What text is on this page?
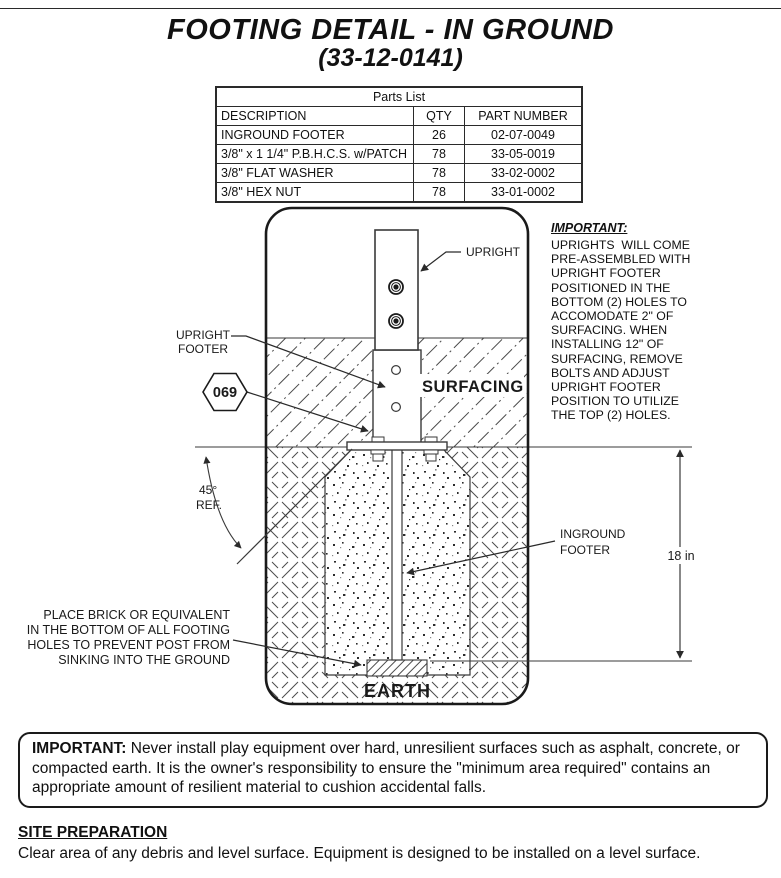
FOOTING DETAIL - IN GROUND
(33-12-0141)
Parts List		
DESCRIPTION	QTY	PART NUMBER
INGROUND FOOTER	26	02-07-0049
3/8" x 1 1/4" P.B.H.C.S. w/PATCH	78	33-05-0019
3/8" FLAT WASHER	78	33-02-0002
3/8" HEX NUT	78	33-01-0002
18 in
069	SURFACING
EARTH
UPRIGHT
UPRIGHT
FOOTER
45°
REF.
INGROUND
FOOTER
PLACE BRICK OR EQUIVALENT
IN THE BOTTOM OF ALL FOOTING
HOLES TO PREVENT POST FROM
SINKING INTO THE GROUND
IMPORTANT:
UPRIGHTS  WILL COME
PRE-ASSEMBLED WITH
UPRIGHT FOOTER
POSITIONED IN THE
BOTTOM (2) HOLES TO
ACCOMODATE 2" OF
SURFACING. WHEN
INSTALLING 12" OF
SURFACING, REMOVE
BOLTS AND ADJUST
UPRIGHT FOOTER
POSITION TO UTILIZE
THE TOP (2) HOLES.
IMPORTANT: Never install play equipment over hard, unresilient surfaces such as asphalt, concrete, or compacted earth. It is the owner's responsibility to ensure the "minimum area required" contains an appropriate amount of resilient material to cushion accidental falls.
SITE PREPARATION
Clear area of any debris and level surface. Equipment is designed to be installed on a level surface.
